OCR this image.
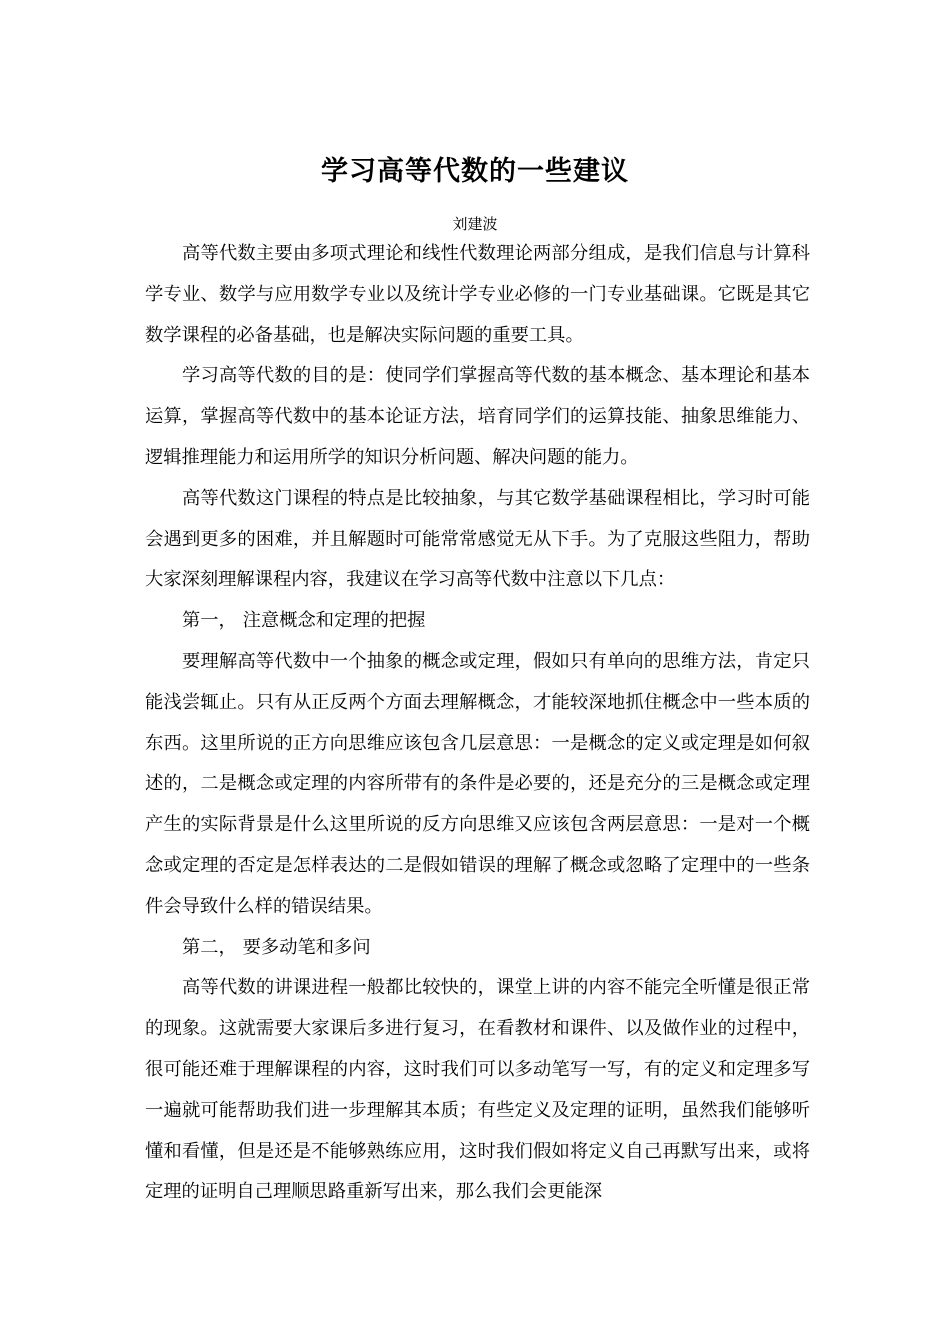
学习高等代数的一些建议
刘建波

高等代数主要由多项式理论和线性代数理论两部分组成，是我们信息与计算科学专业、数学与应用数学专业以及统计学专业必修的一门专业基础课。它既是其它数学课程的必备基础，也是解决实际问题的重要工具。

学习高等代数的目的是：使同学们掌握高等代数的基本概念、基本理论和基本运算，掌握高等代数中的基本论证方法，培育同学们的运算技能、抽象思维能力、逻辑推理能力和运用所学的知识分析问题、解决问题的能力。

高等代数这门课程的特点是比较抽象，与其它数学基础课程相比，学习时可能会遇到更多的困难，并且解题时可能常常感觉无从下手。为了克服这些阻力，帮助大家深刻理解课程内容，我建议在学习高等代数中注意以下几点：

第一， 注意概念和定理的把握

要理解高等代数中一个抽象的概念或定理，假如只有单向的思维方法，肯定只能浅尝辄止。只有从正反两个方面去理解概念，才能较深地抓住概念中一些本质的东西。这里所说的正方向思维应该包含几层意思：一是概念的定义或定理是如何叙述的，二是概念或定理的内容所带有的条件是必要的，还是充分的三是概念或定理产生的实际背景是什么这里所说的反方向思维又应该包含两层意思：一是对一个概念或定理的否定是怎样表达的二是假如错误的理解了概念或忽略了定理中的一些条件会导致什么样的错误结果。

第二， 要多动笔和多问

高等代数的讲课进程一般都比较快的，课堂上讲的内容不能完全听懂是很正常的现象。这就需要大家课后多进行复习，在看教材和课件、以及做作业的过程中，很可能还难于理解课程的内容，这时我们可以多动笔写一写，有的定义和定理多写一遍就可能帮助我们进一步理解其本质；有些定义及定理的证明，虽然我们能够听懂和看懂，但是还是不能够熟练应用，这时我们假如将定义自己再默写出来，或将定理的证明自己理顺思路重新写出来，那么我们会更能深
